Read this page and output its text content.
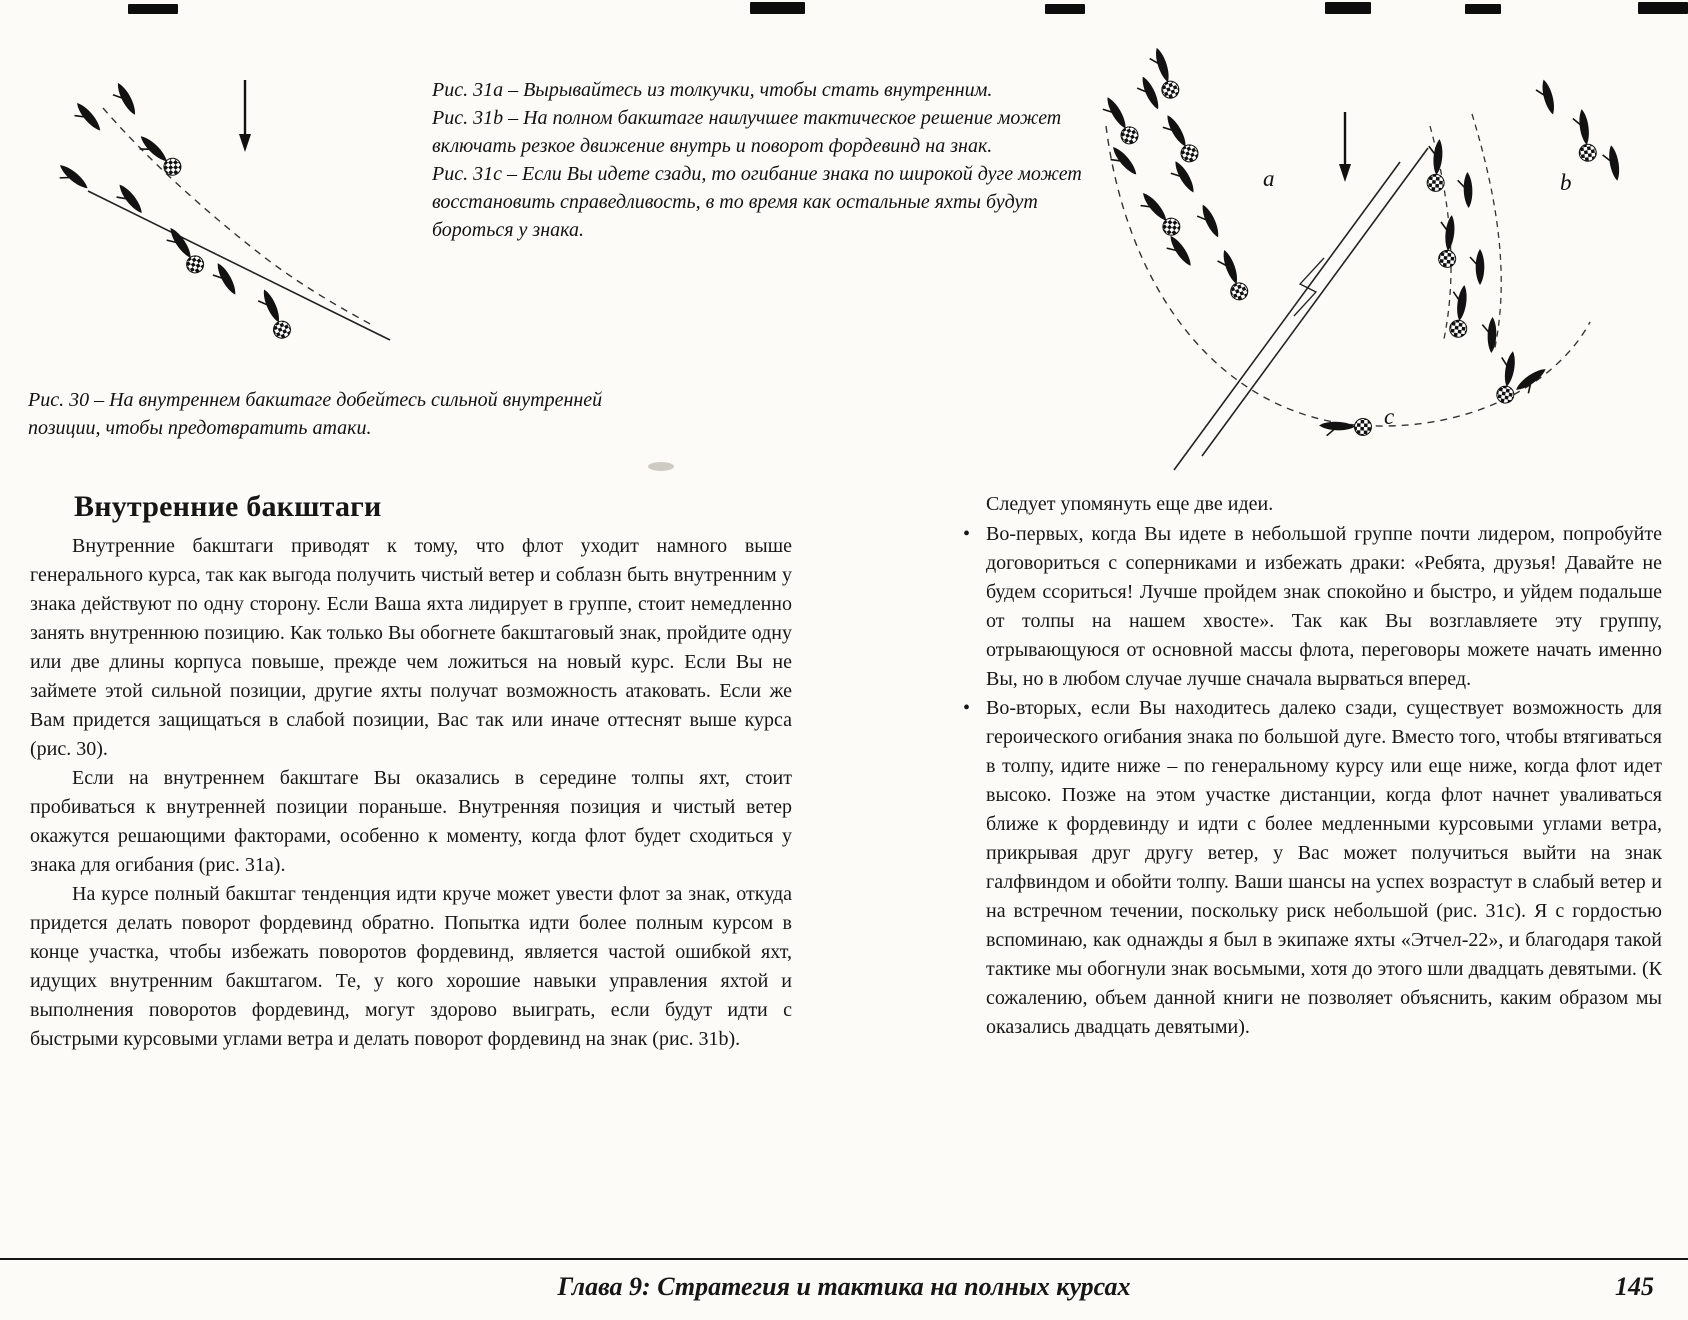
Рис. 31a – Вырывайтесь из толкучки, чтобы стать внутренним.

Рис. 31b – На полном бакштаге наилучшее тактическое решение может включать резкое движение внутрь и поворот фордевинд на знак.

Рис. 31c – Если Вы идете сзади, то огибание знака по широкой дуге может восстановить справедливость, в то время как остальные яхты будут бороться у знака.

a	b
c
Рис. 30 – На внутреннем бакштаге добейтесь сильной внутренней позиции, чтобы предотвратить атаки.
Внутренние бакштаги

Внутренние бакштаги приводят к тому, что флот уходит намного выше генерального курса, так как выгода получить чистый ветер и соблазн быть внутренним у знака действуют по одну сторону. Если Ваша яхта лидирует в группе, стоит немедленно занять внутреннюю позицию. Как только Вы обогнете бакштаговый знак, пройдите одну или две длины корпуса повыше, прежде чем ложиться на новый курс. Если Вы не займете этой сильной позиции, другие яхты получат возможность атаковать. Если же Вам придется защищаться в слабой позиции, Вас так или иначе оттеснят выше курса (рис. 30).

Если на внутреннем бакштаге Вы оказались в середине толпы яхт, стоит пробиваться к внутренней позиции пораньше. Внутренняя позиция и чистый ветер окажутся решающими факторами, особенно к моменту, когда флот будет сходиться у знака для огибания (рис. 31a).

На курсе полный бакштаг тенденция идти круче может увести флот за знак, откуда придется делать поворот фордевинд обратно. Попытка идти более полным курсом в конце участка, чтобы избежать поворотов фордевинд, является частой ошибкой яхт, идущих внутренним бакштагом. Те, у кого хорошие навыки управления яхтой и выполнения поворотов фордевинд, могут здорово выиграть, если будут идти с быстрыми курсовыми углами ветра и делать поворот фордевинд на знак (рис. 31b).

Следует упомянуть еще две идеи.

• Во-первых, когда Вы идете в небольшой группе почти лидером, попробуйте договориться с соперниками и избежать драки: «Ребята, друзья! Давайте не будем ссориться! Лучше пройдем знак спокойно и быстро, и уйдем подальше от толпы на нашем хвосте». Так как Вы возглавляете эту группу, отрывающуюся от основной массы флота, переговоры можете начать именно Вы, но в любом случае лучше сначала вырваться вперед.
• Во-вторых, если Вы находитесь далеко сзади, существует возможность для героического огибания знака по большой дуге. Вместо того, чтобы втягиваться в толпу, идите ниже – по генеральному курсу или еще ниже, когда флот идет высоко. Позже на этом участке дистанции, когда флот начнет уваливаться ближе к фордевинду и идти с более медленными курсовыми углами ветра, прикрывая друг другу ветер, у Вас может получиться выйти на знак галфвиндом и обойти толпу. Ваши шансы на успех возрастут в слабый ветер и на встречном течении, поскольку риск небольшой (рис. 31c). Я с гордостью вспоминаю, как однажды я был в экипаже яхты «Этчел-22», и благодаря такой тактике мы обогнули знак восьмыми, хотя до этого шли двадцать девятыми. (К сожалению, объем данной книги не позволяет объяснить, каким образом мы оказались двадцать девятыми).
Глава 9: Стратегия и тактика на полных курсах	145
